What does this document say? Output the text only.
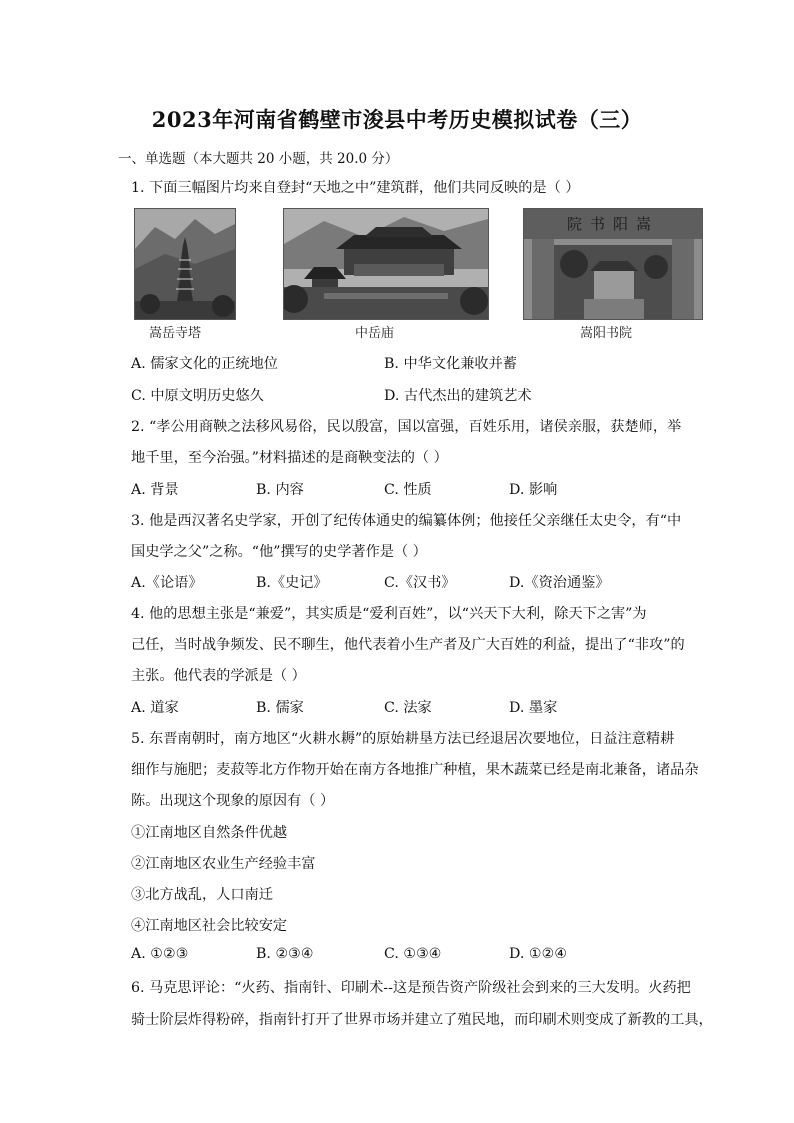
2023年河南省鹤壁市浚县中考历史模拟试卷（三）
一、单选题（本大题共 20 小题，共 20.0 分）
1. 下面三幅图片均来自登封“天地之中”建筑群，他们共同反映的是（ ）
院书阳嵩
嵩岳寺塔	中岳庙	嵩阳书院
A. 儒家文化的正统地位	B. 中华文化兼收并蓄
C. 中原文明历史悠久	D. 古代杰出的建筑艺术
2. “孝公用商鞅之法移风易俗，民以殷富，国以富强，百姓乐用，诸侯亲服，获楚师，举
地千里，至今治强。”材料描述的是商鞅变法的（ ）
A. 背景	B. 内容	C. 性质	D. 影响
3. 他是西汉著名史学家，开创了纪传体通史的编纂体例；他接任父亲继任太史令，有“中
国史学之父”之称。“他”撰写的史学著作是（ ）
A.《论语》	B.《史记》	C.《汉书》	D.《资治通鉴》
4. 他的思想主张是“兼爱”，其实质是“爱利百姓”，以“兴天下大利，除天下之害”为
己任，当时战争频发、民不聊生，他代表着小生产者及广大百姓的利益，提出了“非攻”的
主张。他代表的学派是（ ）
A. 道家	B. 儒家	C. 法家	D. 墨家
5. 东晋南朝时，南方地区“火耕水耨”的原始耕垦方法已经退居次要地位，日益注意精耕
细作与施肥；麦菽等北方作物开始在南方各地推广种植，果木蔬菜已经是南北兼备，诸品杂
陈。出现这个现象的原因有（ ）
①江南地区自然条件优越
②江南地区农业生产经验丰富
③北方战乱，人口南迁
④江南地区社会比较安定
A. ①②③	B. ②③④	C. ①③④	D. ①②④
6. 马克思评论：“火药、指南针、印刷术--这是预告资产阶级社会到来的三大发明。火药把
骑士阶层炸得粉碎，指南针打开了世界市场并建立了殖民地，而印刷术则变成了新教的工具，
